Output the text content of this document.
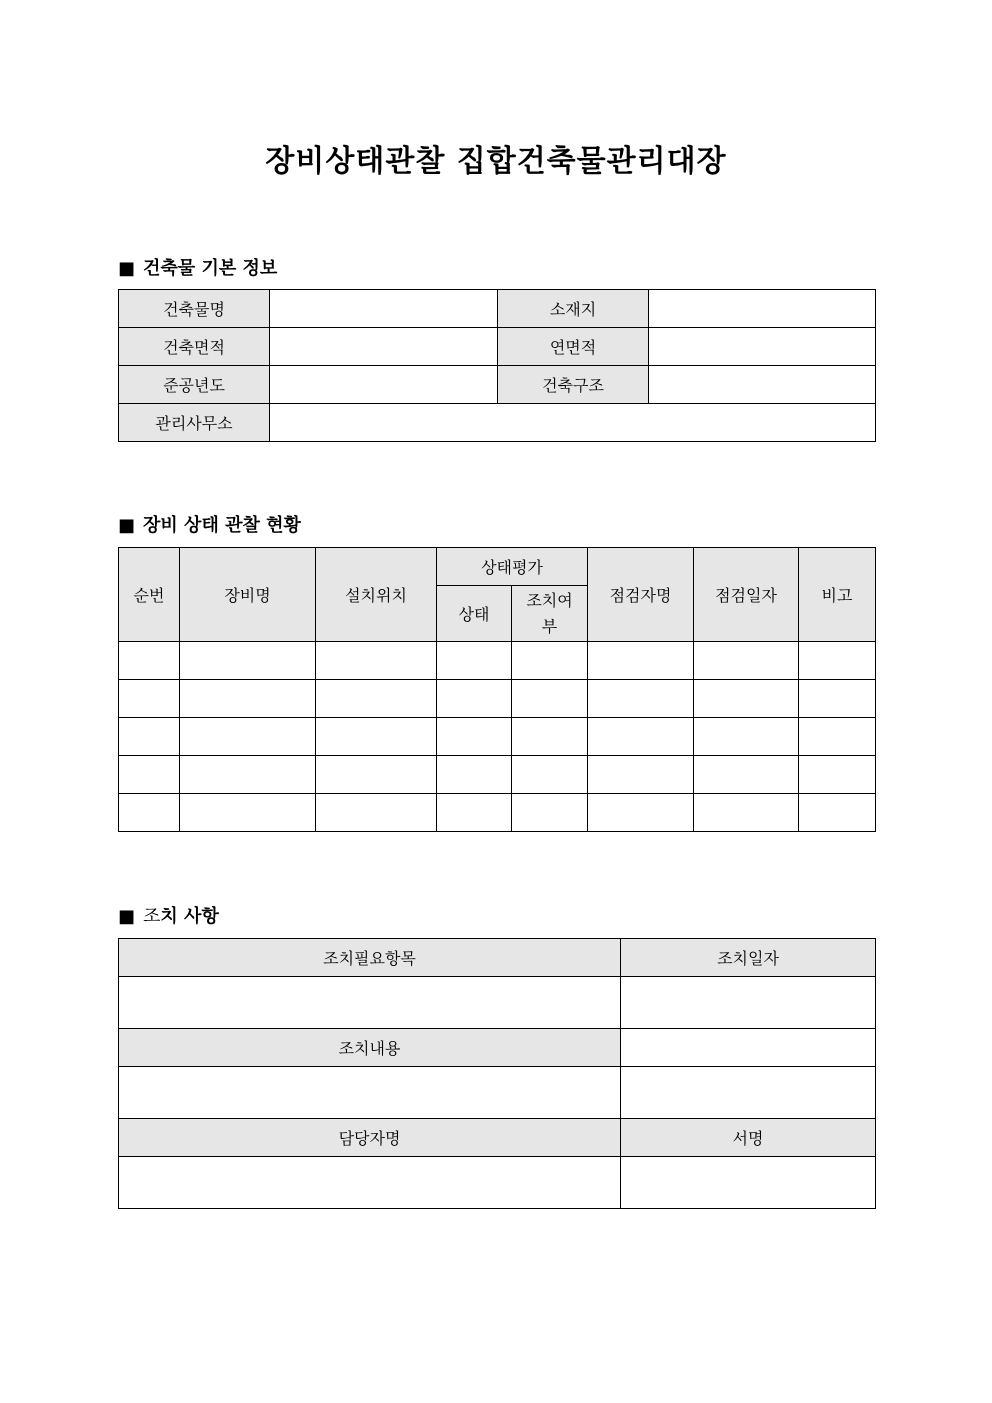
장비상태관찰 집합건축물관리대장
■ 건축물 기본 정보
건축물명		소재지	
건축면적		연면적	
준공년도		건축구조	
관리사무소			
■ 장비 상태 관찰 현황
순번	장비명	설치위치	상태평가		점검자명	점검일자	비고
			상태	조치여
부			

■ 조치 사항
조치필요항목	조치일자

조치내용	

담당자명	서명
